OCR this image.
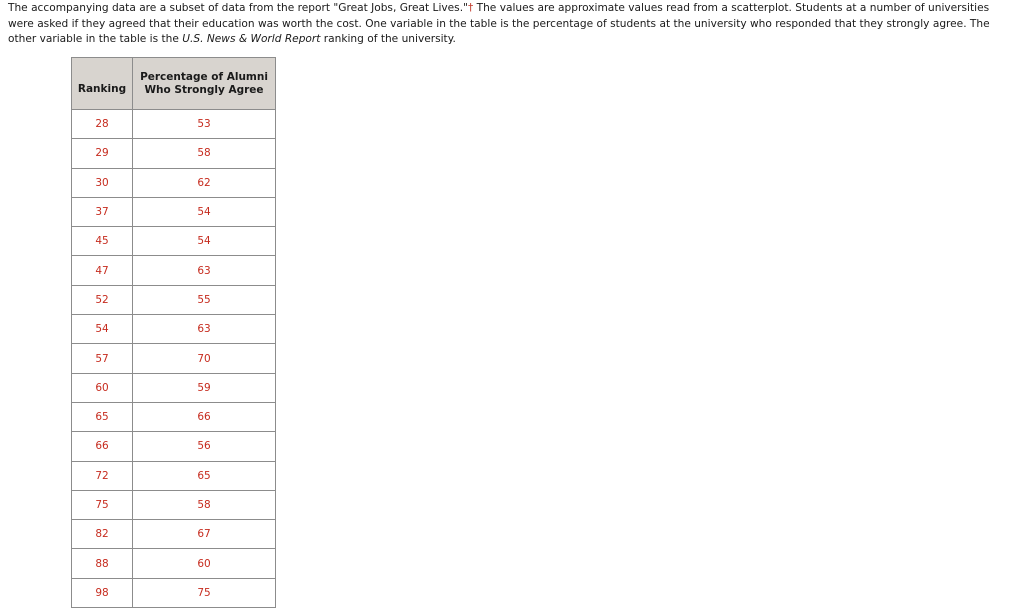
The accompanying data are a subset of data from the report "Great Jobs, Great Lives."† The values are approximate values read from a scatterplot. Students at a number of universities were asked if they agreed that their education was worth the cost. One variable in the table is the percentage of students at the university who responded that they strongly agree. The other variable in the table is the U.S. News & World Report ranking of the university.

Ranking	Percentage of Alumni
Who Strongly Agree
28	53
29	58
30	62
37	54
45	54
47	63
52	55
54	63
57	70
60	59
65	66
66	56
72	65
75	58
82	67
88	60
98	75
